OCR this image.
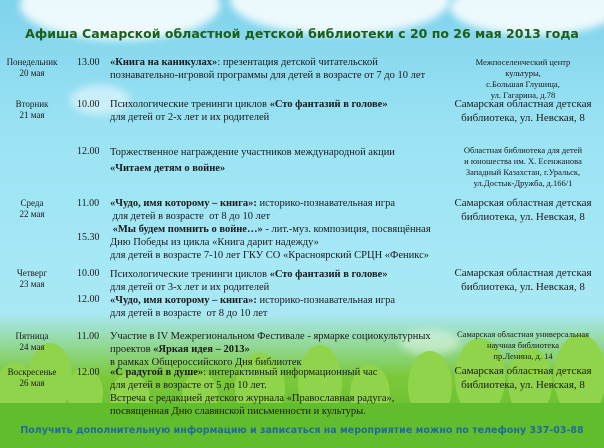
Афиша Самарской областной детской библиотеки с 20 по 26 мая 2013 года
Понедельник
20 мая
Вторник
21 мая
Среда
22 мая
Четверг
23 мая
Пятница
24 мая
Воскресенье
26 мая
13.00
10.00
12.00
11.00
15.30
10.00
12.00
11.00
12.00
«Книга на каникулах»: презентация детской читательской
познавательно-игровой программы для детей в возрасте от 7 до 10 лет
Психологические тренинги циклов «Сто фантазий в голове»
для детей от 2-х лет и их родителей
Торжественное награждение участников международной акции
«Читаем детям о войне»
«Чудо, имя которому – книга»: историко-познавательная игра
для детей в возрасте  от 8 до 10 лет
«Мы будем помнить о войне…» - лит.-муз. композиция, посвящённая
Дню Победы из цикла «Книга дарит надежду»
для детей в возрасте 7-10 лет ГКУ СО «Красноярский СРЦН «Феникс»
Психологические тренинги циклов «Сто фантазий в голове»
для детей от 3-х лет и их родителей
«Чудо, имя которому – книга»: историко-познавательная игра
для детей в возрасте  от 8 до 10 лет
Участие в IV Межрегиональном Фестивале - ярмарке социокультурных
проектов «Яркая идея – 2013»
в рамках Общероссийского Дня библиотек
«С радугой в душе»: интерактивный информационный час
для детей в возрасте от 5 до 10 лет.
Встреча с редакцией детского журнала «Православная радуга»,
посвященная Дню славянской письменности и культуры.
Межпоселенческий центр
культуры,
с.Большая Глушица,
ул. Гагарина, д.78
Самарская областная детская
библиотека, ул. Невская, 8
Областная библиотека для детей
и юношества им. Х. Есенжанова
Западный Казахстан, г.Уральск,
ул.Достык-Дружба, д.166/1
Самарская областная детская
библиотека, ул. Невская, 8
Самарская областная детская
библиотека, ул. Невская, 8
Самарская областная универсальная
научная библиотека
пр.Ленина, д. 14
Самарская областная детская
библиотека, ул. Невская, 8
Получить дополнительную информацию и записаться на мероприятие можно по телефону 337-03-88
